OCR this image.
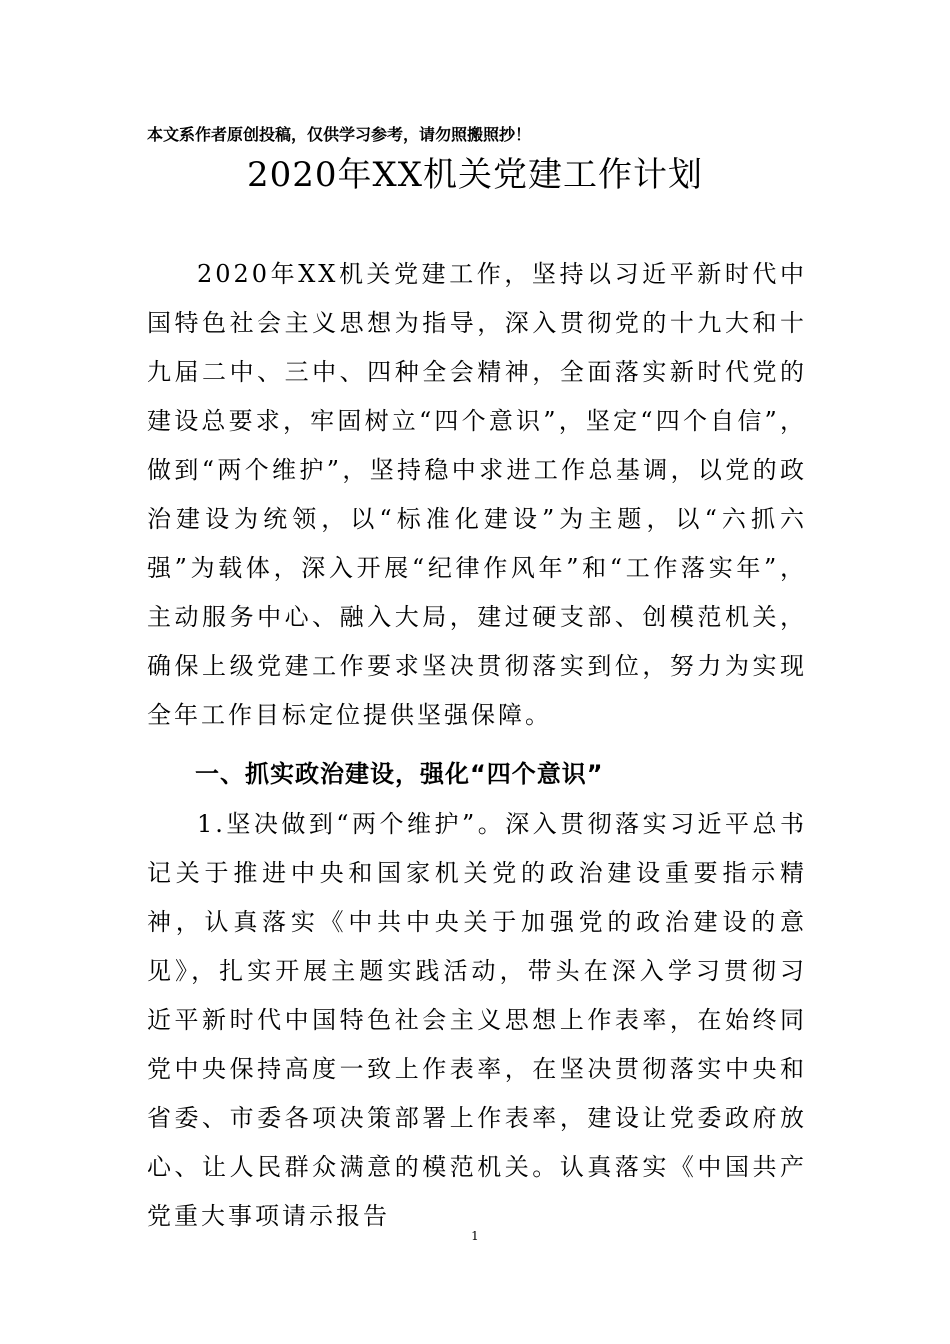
本文系作者原创投稿，仅供学习参考，请勿照搬照抄！
2020年XX机关党建工作计划
2020年XX机关党建工作，坚持以习近平新时代中国特色社会主义思想为指导，深入贯彻党的十九大和十九届二中、三中、四种全会精神，全面落实新时代党的建设总要求，牢固树立“四个意识”，坚定“四个自信”，做到“两个维护”，坚持稳中求进工作总基调，以党的政治建设为统领，以“标准化建设”为主题，以“六抓六强”为载体，深入开展“纪律作风年”和“工作落实年”，主动服务中心、融入大局，建过硬支部、创模范机关，确保上级党建工作要求坚决贯彻落实到位，努力为实现全年工作目标定位提供坚强保障。
一、抓实政治建设，强化“四个意识”
1.坚决做到“两个维护”。深入贯彻落实习近平总书记关于推进中央和国家机关党的政治建设重要指示精神，认真落实《中共中央关于加强党的政治建设的意见》，扎实开展主题实践活动，带头在深入学习贯彻习近平新时代中国特色社会主义思想上作表率，在始终同党中央保持高度一致上作表率，在坚决贯彻落实中央和省委、市委各项决策部署上作表率，建设让党委政府放心、让人民群众满意的模范机关。认真落实《中国共产党重大事项请示报告
1
